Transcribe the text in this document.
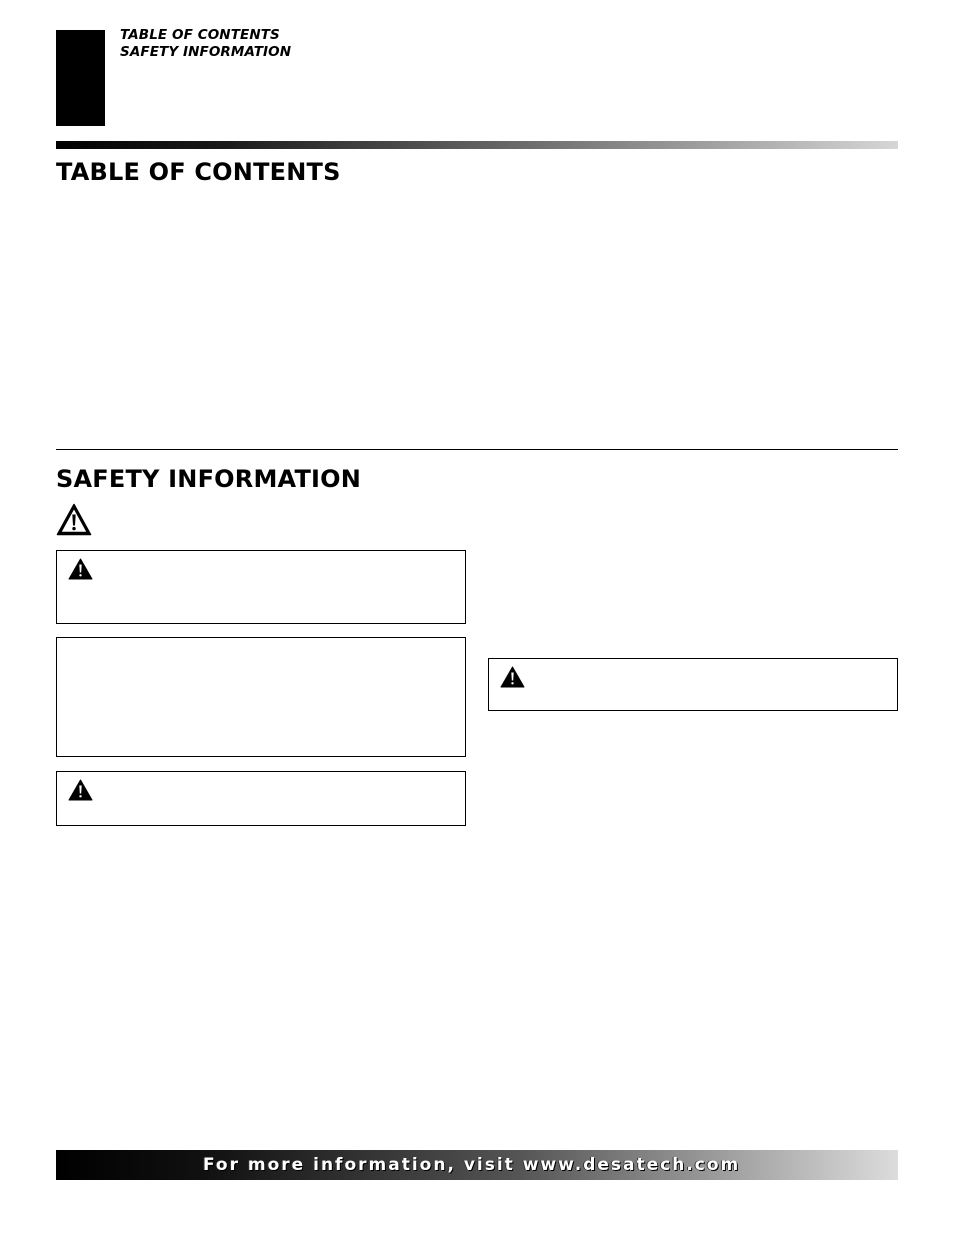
TABLE OF CONTENTS
SAFETY INFORMATION
TABLE OF CONTENTS
SAFETY INFORMATION
For more information, visit www.desatech.com
